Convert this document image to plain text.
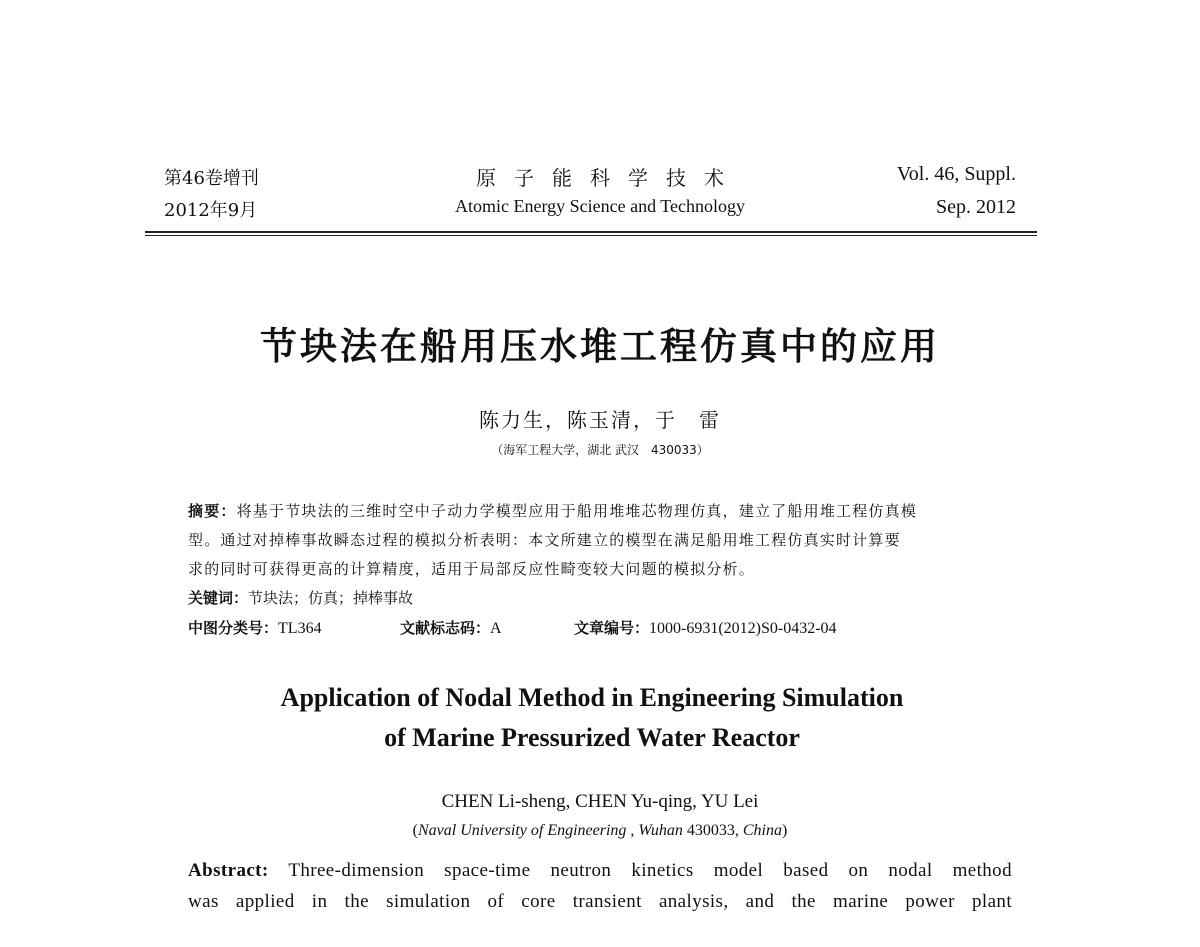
第46卷增刊
2012年9月
原子能科学技术
Atomic Energy Science and Technology
Vol. 46, Suppl.
Sep. 2012
节块法在船用压水堆工程仿真中的应用
陈力生，陈玉清，于　雷
（海军工程大学，湖北 武汉　430033）
摘要：将基于节块法的三维时空中子动力学模型应用于船用堆堆芯物理仿真，建立了船用堆工程仿真模
型。通过对掉棒事故瞬态过程的模拟分析表明：本文所建立的模型在满足船用堆工程仿真实时计算要
求的同时可获得更高的计算精度，适用于局部反应性畸变较大问题的模拟分析。
关键词：节块法；仿真；掉棒事故
中图分类号：TL364	文献标志码：A	文章编号：1000-6931(2012)S0-0432-04
Application of Nodal Method in Engineering Simulation
of Marine Pressurized Water Reactor
CHEN Li-sheng, CHEN Yu-qing, YU Lei
(Naval University of Engineering , Wuhan 430033, China)
Abstract: Three-dimension space-time neutron kinetics model based on nodal method
was applied in the simulation of core transient analysis, and the marine power plant
